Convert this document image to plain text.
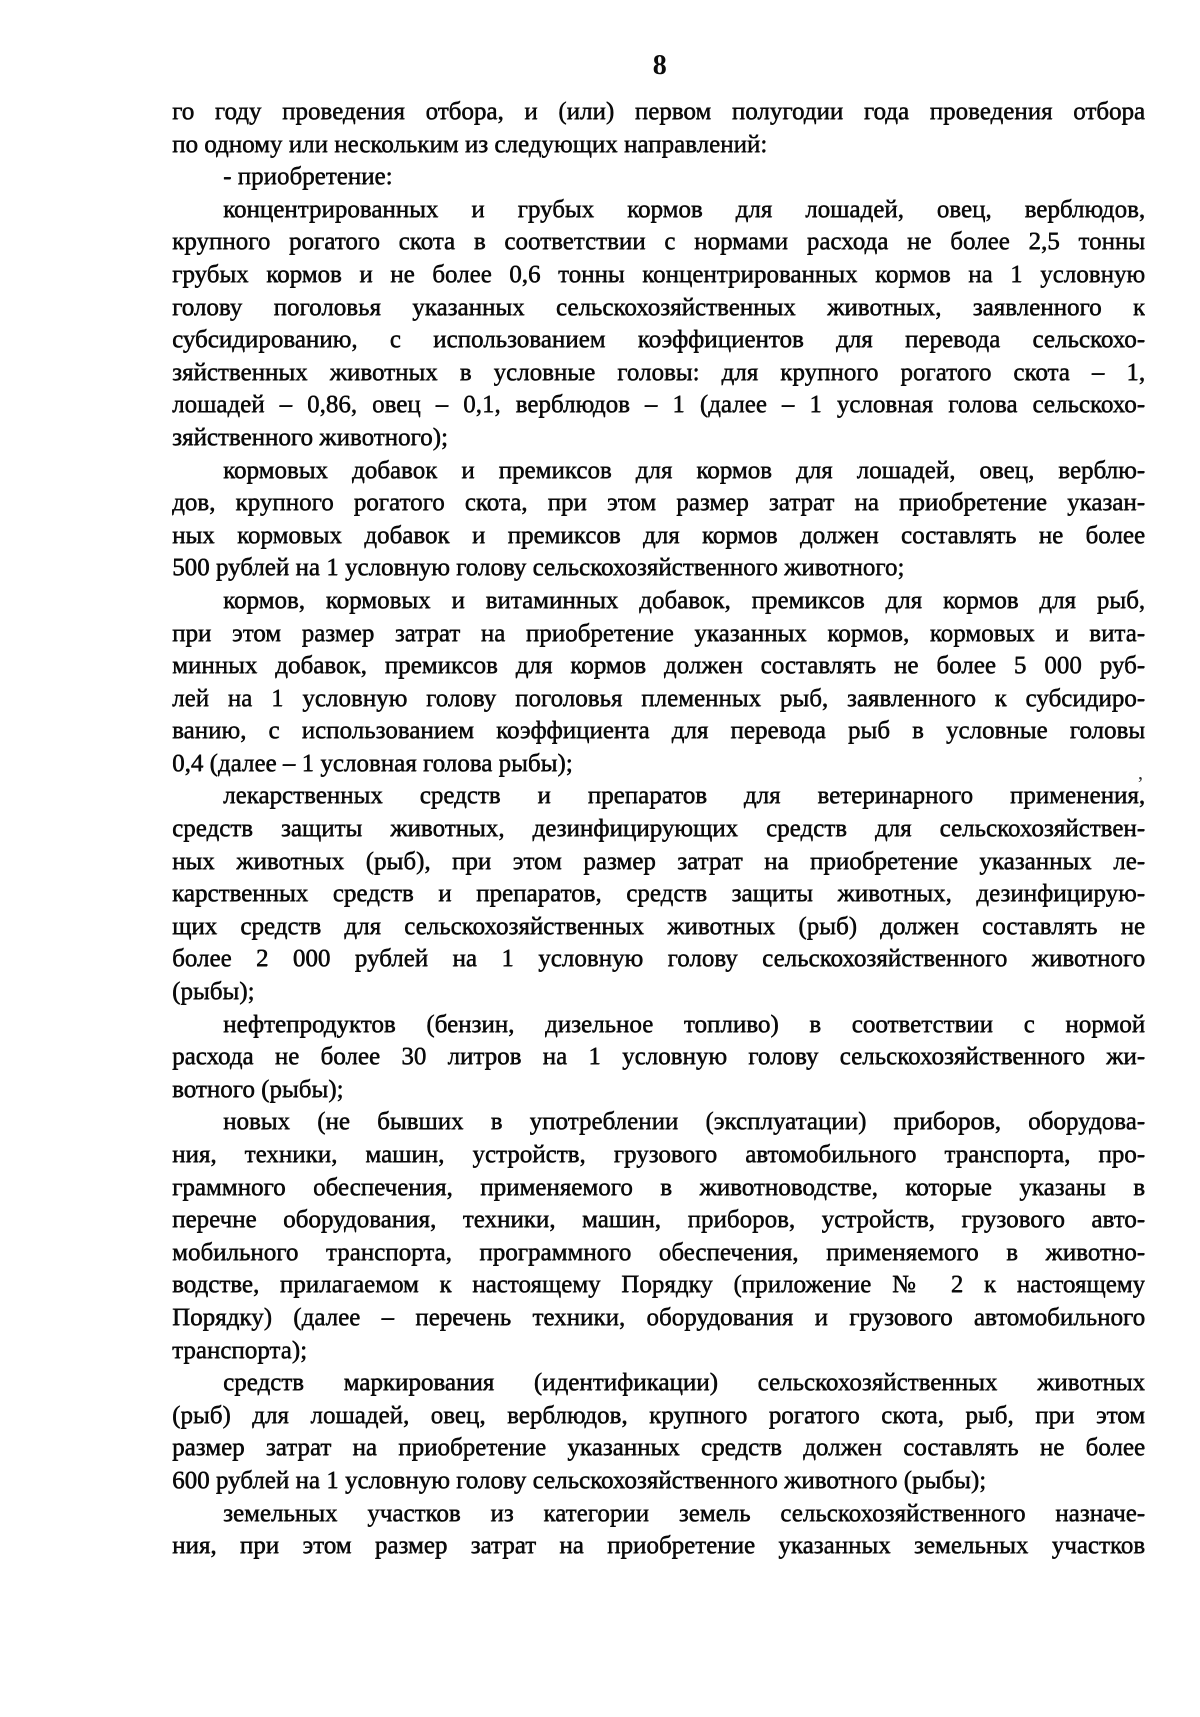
8
го году проведения отбора, и (или) первом полугодии года проведения отбора
по одному или нескольким из следующих направлений:
- приобретение:
концентрированных и грубых кормов для лошадей, овец, верблюдов,
крупного рогатого скота в соответствии с нормами расхода не более 2,5 тонны
грубых кормов и не более 0,6 тонны концентрированных кормов на 1 условную
голову поголовья указанных сельскохозяйственных животных, заявленного к
субсидированию, с использованием коэффициентов для перевода сельскохо-
зяйственных животных в условные головы: для крупного рогатого скота – 1,
лошадей – 0,86, овец – 0,1, верблюдов – 1 (далее – 1 условная голова сельскохо-
зяйственного животного);
кормовых добавок и премиксов для кормов для лошадей, овец, верблю-
дов, крупного рогатого скота, при этом размер затрат на приобретение указан-
ных кормовых добавок и премиксов для кормов должен составлять не более
500 рублей на 1 условную голову сельскохозяйственного животного;
кормов, кормовых и витаминных добавок, премиксов для кормов для рыб,
при этом размер затрат на приобретение указанных кормов, кормовых и вита-
минных добавок, премиксов для кормов должен составлять не более 5 000 руб-
лей на 1 условную голову поголовья племенных рыб, заявленного к субсидиро-
ванию, с использованием коэффициента для перевода рыб в условные головы
0,4 (далее – 1 условная голова рыбы);
лекарственных средств и препаратов для ветеринарного применения,
средств защиты животных, дезинфицирующих средств для сельскохозяйствен-
ных животных (рыб), при этом размер затрат на приобретение указанных ле-
карственных средств и препаратов, средств защиты животных, дезинфицирую-
щих средств для сельскохозяйственных животных (рыб) должен составлять не
более 2 000 рублей на 1 условную голову сельскохозяйственного животного
(рыбы);
нефтепродуктов (бензин, дизельное топливо) в соответствии с нормой
расхода не более 30 литров на 1 условную голову сельскохозяйственного жи-
вотного (рыбы);
новых (не бывших в употреблении (эксплуатации) приборов, оборудова-
ния, техники, машин, устройств, грузового автомобильного транспорта, про-
граммного обеспечения, применяемого в животноводстве, которые указаны в
перечне оборудования, техники, машин, приборов, устройств, грузового авто-
мобильного транспорта, программного обеспечения, применяемого в животно-
водстве, прилагаемом к настоящему Порядку (приложение № 2 к настоящему
Порядку) (далее – перечень техники, оборудования и грузового автомобильного
транспорта);
средств маркирования (идентификации) сельскохозяйственных животных
(рыб) для лошадей, овец, верблюдов, крупного рогатого скота, рыб, при этом
размер затрат на приобретение указанных средств должен составлять не более
600 рублей на 1 условную голову сельскохозяйственного животного (рыбы);
земельных участков из категории земель сельскохозяйственного назначе-
ния, при этом размер затрат на приобретение указанных земельных участков
,
